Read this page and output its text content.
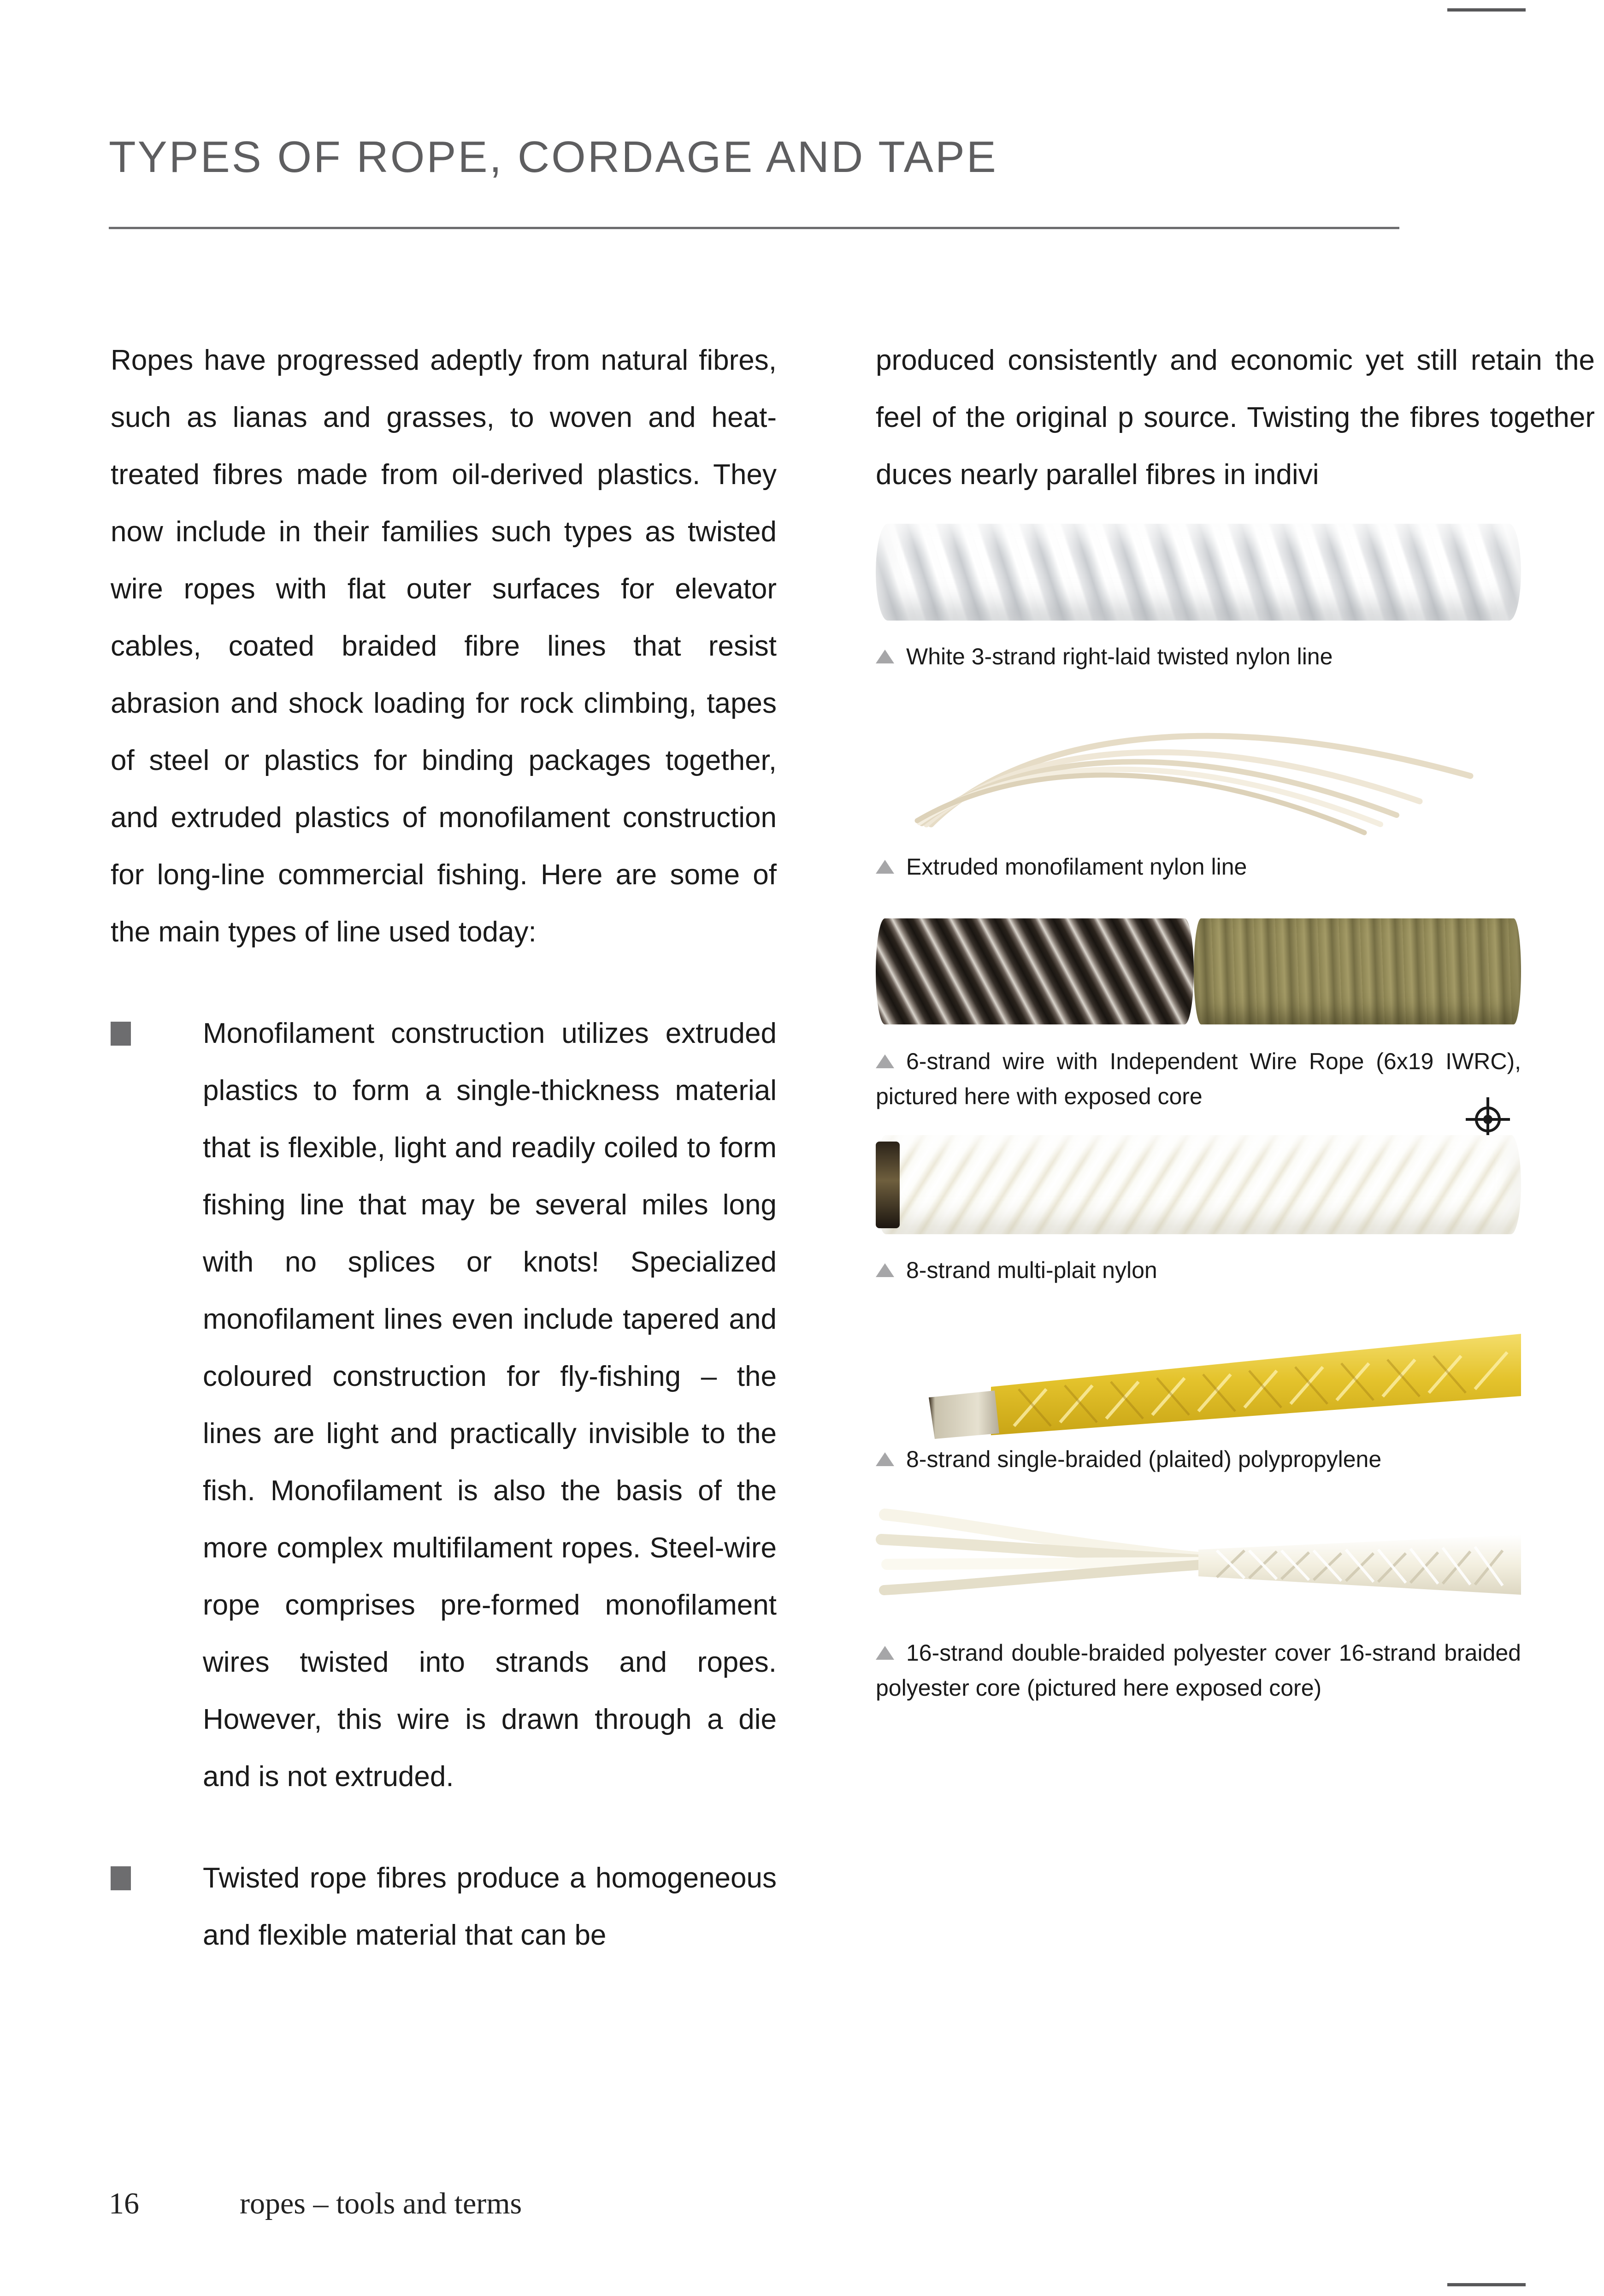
TYPES OF ROPE, CORDAGE AND TAPE

Ropes have progressed adeptly from natural fibres, such as lianas and grasses, to woven and heat-treated fibres made from oil-derived plastics. They now include in their families such types as twisted wire ropes with flat outer surfaces for elevator cables, coated braided fibre lines that resist abrasion and shock loading for rock climbing, tapes of steel or plastics for binding packages together, and extruded plastics of monofilament construction for long-line commercial fishing. Here are some of the main types of line used today:

Monofilament construction utilizes extruded plastics to form a single-thickness material that is flexible, light and readily coiled to form fishing line that may be several miles long with no splices or knots! Specialized monofilament lines even include tapered and coloured construction for fly-fishing – the lines are light and practically invisible to the fish. Monofilament is also the basis of the more complex multifilament ropes. Steel-wire rope comprises pre-formed monofilament wires twisted into strands and ropes. However, this wire is drawn through a die and is not extruded.
Twisted rope fibres produce a homogeneous and flexible material that can be

produced consistently and economic yet still retain the feel of the original p source. Twisting the fibres together duces nearly parallel fibres in indivi

White 3-strand right-laid twisted nylon line
Extruded monofilament nylon line
6-strand wire with Independent Wire Rope (6x19 IWRC), pictured here with exposed core
8-strand multi-plait nylon
8-strand single-braided (plaited) polypropylene
16-strand double-braided polyester cover 16-strand braided polyester core (pictured here exposed core)
16	ropes – tools and terms
